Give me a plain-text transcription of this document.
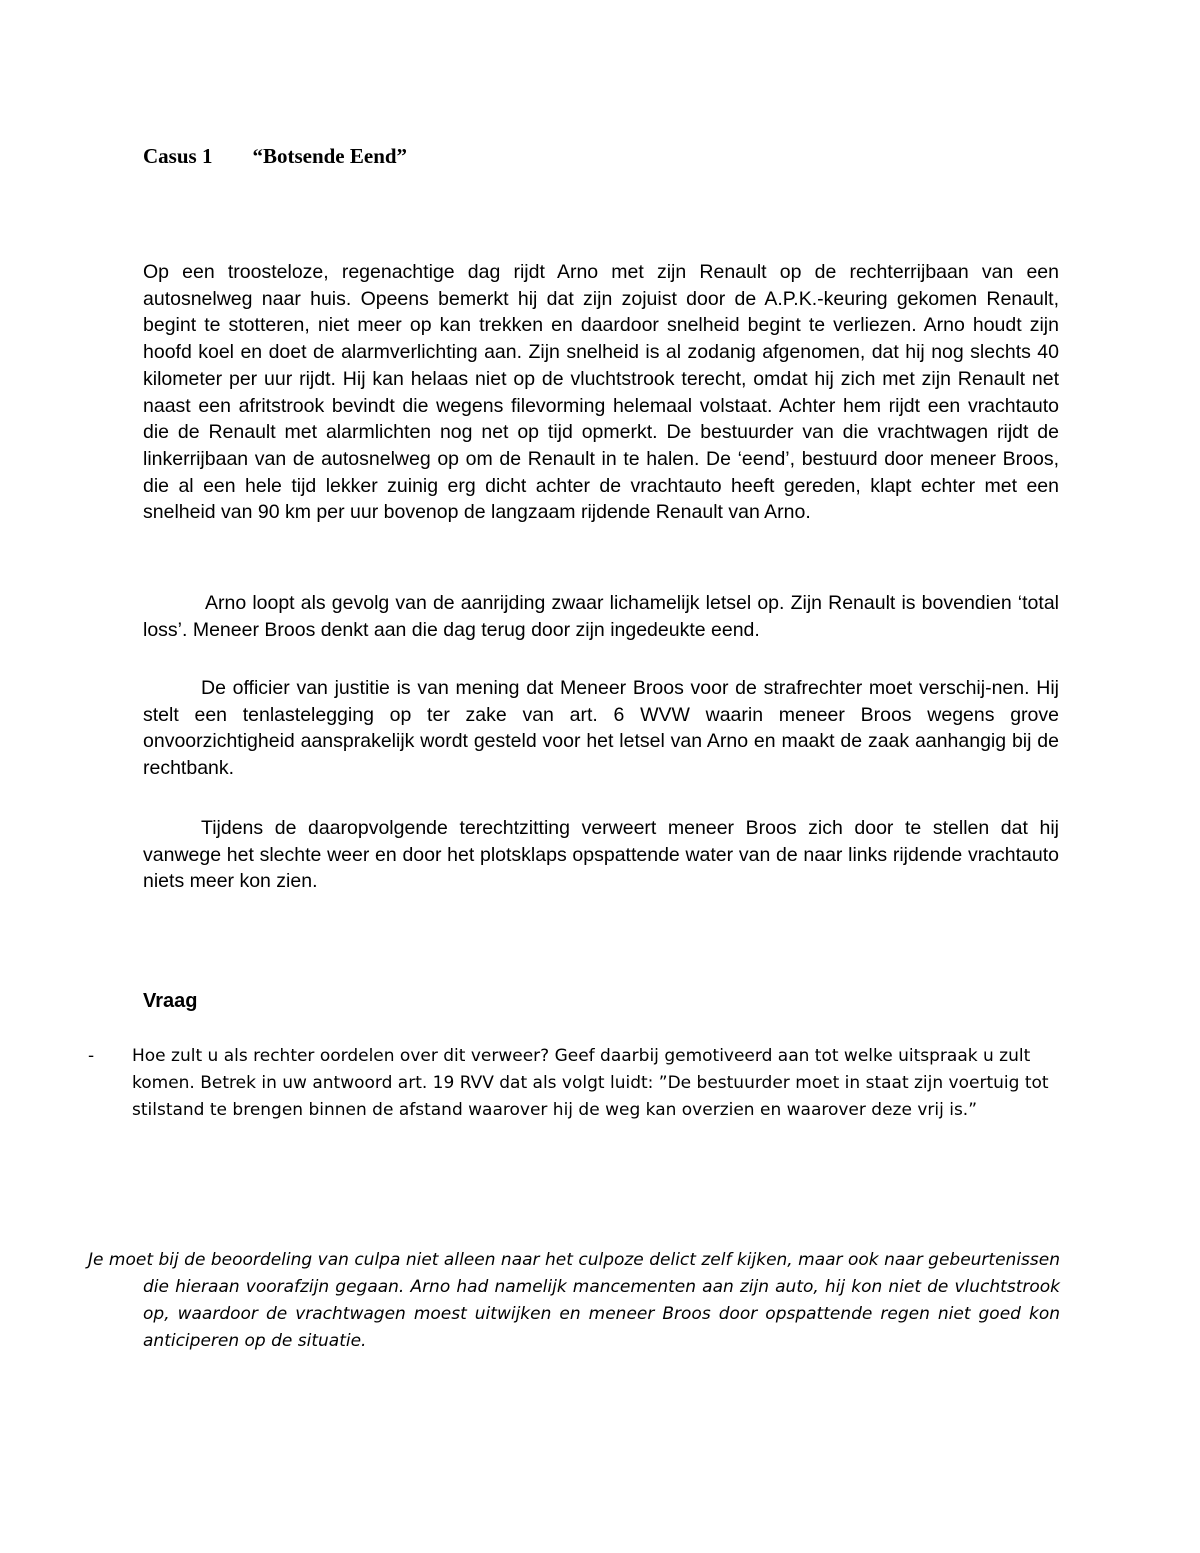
Casus 1 “Botsende Eend”
Op een troosteloze, regenachtige dag rijdt Arno met zijn Renault op de rechterrijbaan van een autosnelweg naar huis. Opeens bemerkt hij dat zijn zojuist door de A.P.K.-keuring gekomen Renault, begint te stotteren, niet meer op kan trekken en daardoor snelheid begint te verliezen. Arno houdt zijn hoofd koel en doet de alarmverlichting aan. Zijn snelheid is al zodanig afgenomen, dat hij nog slechts 40 kilometer per uur rijdt. Hij kan helaas niet op de vluchtstrook terecht, omdat hij zich met zijn Renault net naast een afritstrook bevindt die wegens filevorming helemaal volstaat. Achter hem rijdt een vrachtauto die de Renault met alarmlichten nog net op tijd opmerkt. De bestuurder van die vrachtwagen rijdt de linkerrijbaan van de autosnelweg op om de Renault in te halen. De ‘eend’, bestuurd door meneer Broos, die al een hele tijd lekker zuinig erg dicht achter de vrachtauto heeft gereden, klapt echter met een snelheid van 90 km per uur bovenop de langzaam rijdende Renault van Arno.
Arno loopt als gevolg van de aanrijding zwaar lichamelijk letsel op. Zijn Renault is bovendien ‘total loss’. Meneer Broos denkt aan die dag terug door zijn ingedeukte eend.
De officier van justitie is van mening dat Meneer Broos voor de strafrechter moet verschij-nen. Hij stelt een tenlastelegging op ter zake van art. 6 WVW waarin meneer Broos wegens grove onvoorzichtigheid aansprakelijk wordt gesteld voor het letsel van Arno en maakt de zaak aanhangig bij de rechtbank.
Tijdens de daaropvolgende terechtzitting verweert meneer Broos zich door te stellen dat hij vanwege het slechte weer en door het plotsklaps opspattende water van de naar links rijdende vrachtauto niets meer kon zien.
Vraag
- Hoe zult u als rechter oordelen over dit verweer? Geef daarbij gemotiveerd aan tot welke uitspraak u zult komen. Betrek in uw antwoord art. 19 RVV dat als volgt luidt: ”De bestuurder moet in staat zijn voertuig tot stilstand te brengen binnen de afstand waarover hij de weg kan overzien en waarover deze vrij is.”
Je moet bij de beoordeling van culpa niet alleen naar het culpoze delict zelf kijken, maar ook naar gebeurtenissen die hieraan voorafzijn gegaan. Arno had namelijk mancementen aan zijn auto, hij kon niet de vluchtstrook op, waardoor de vrachtwagen moest uitwijken en meneer Broos door opspattende regen niet goed kon anticiperen op de situatie.
